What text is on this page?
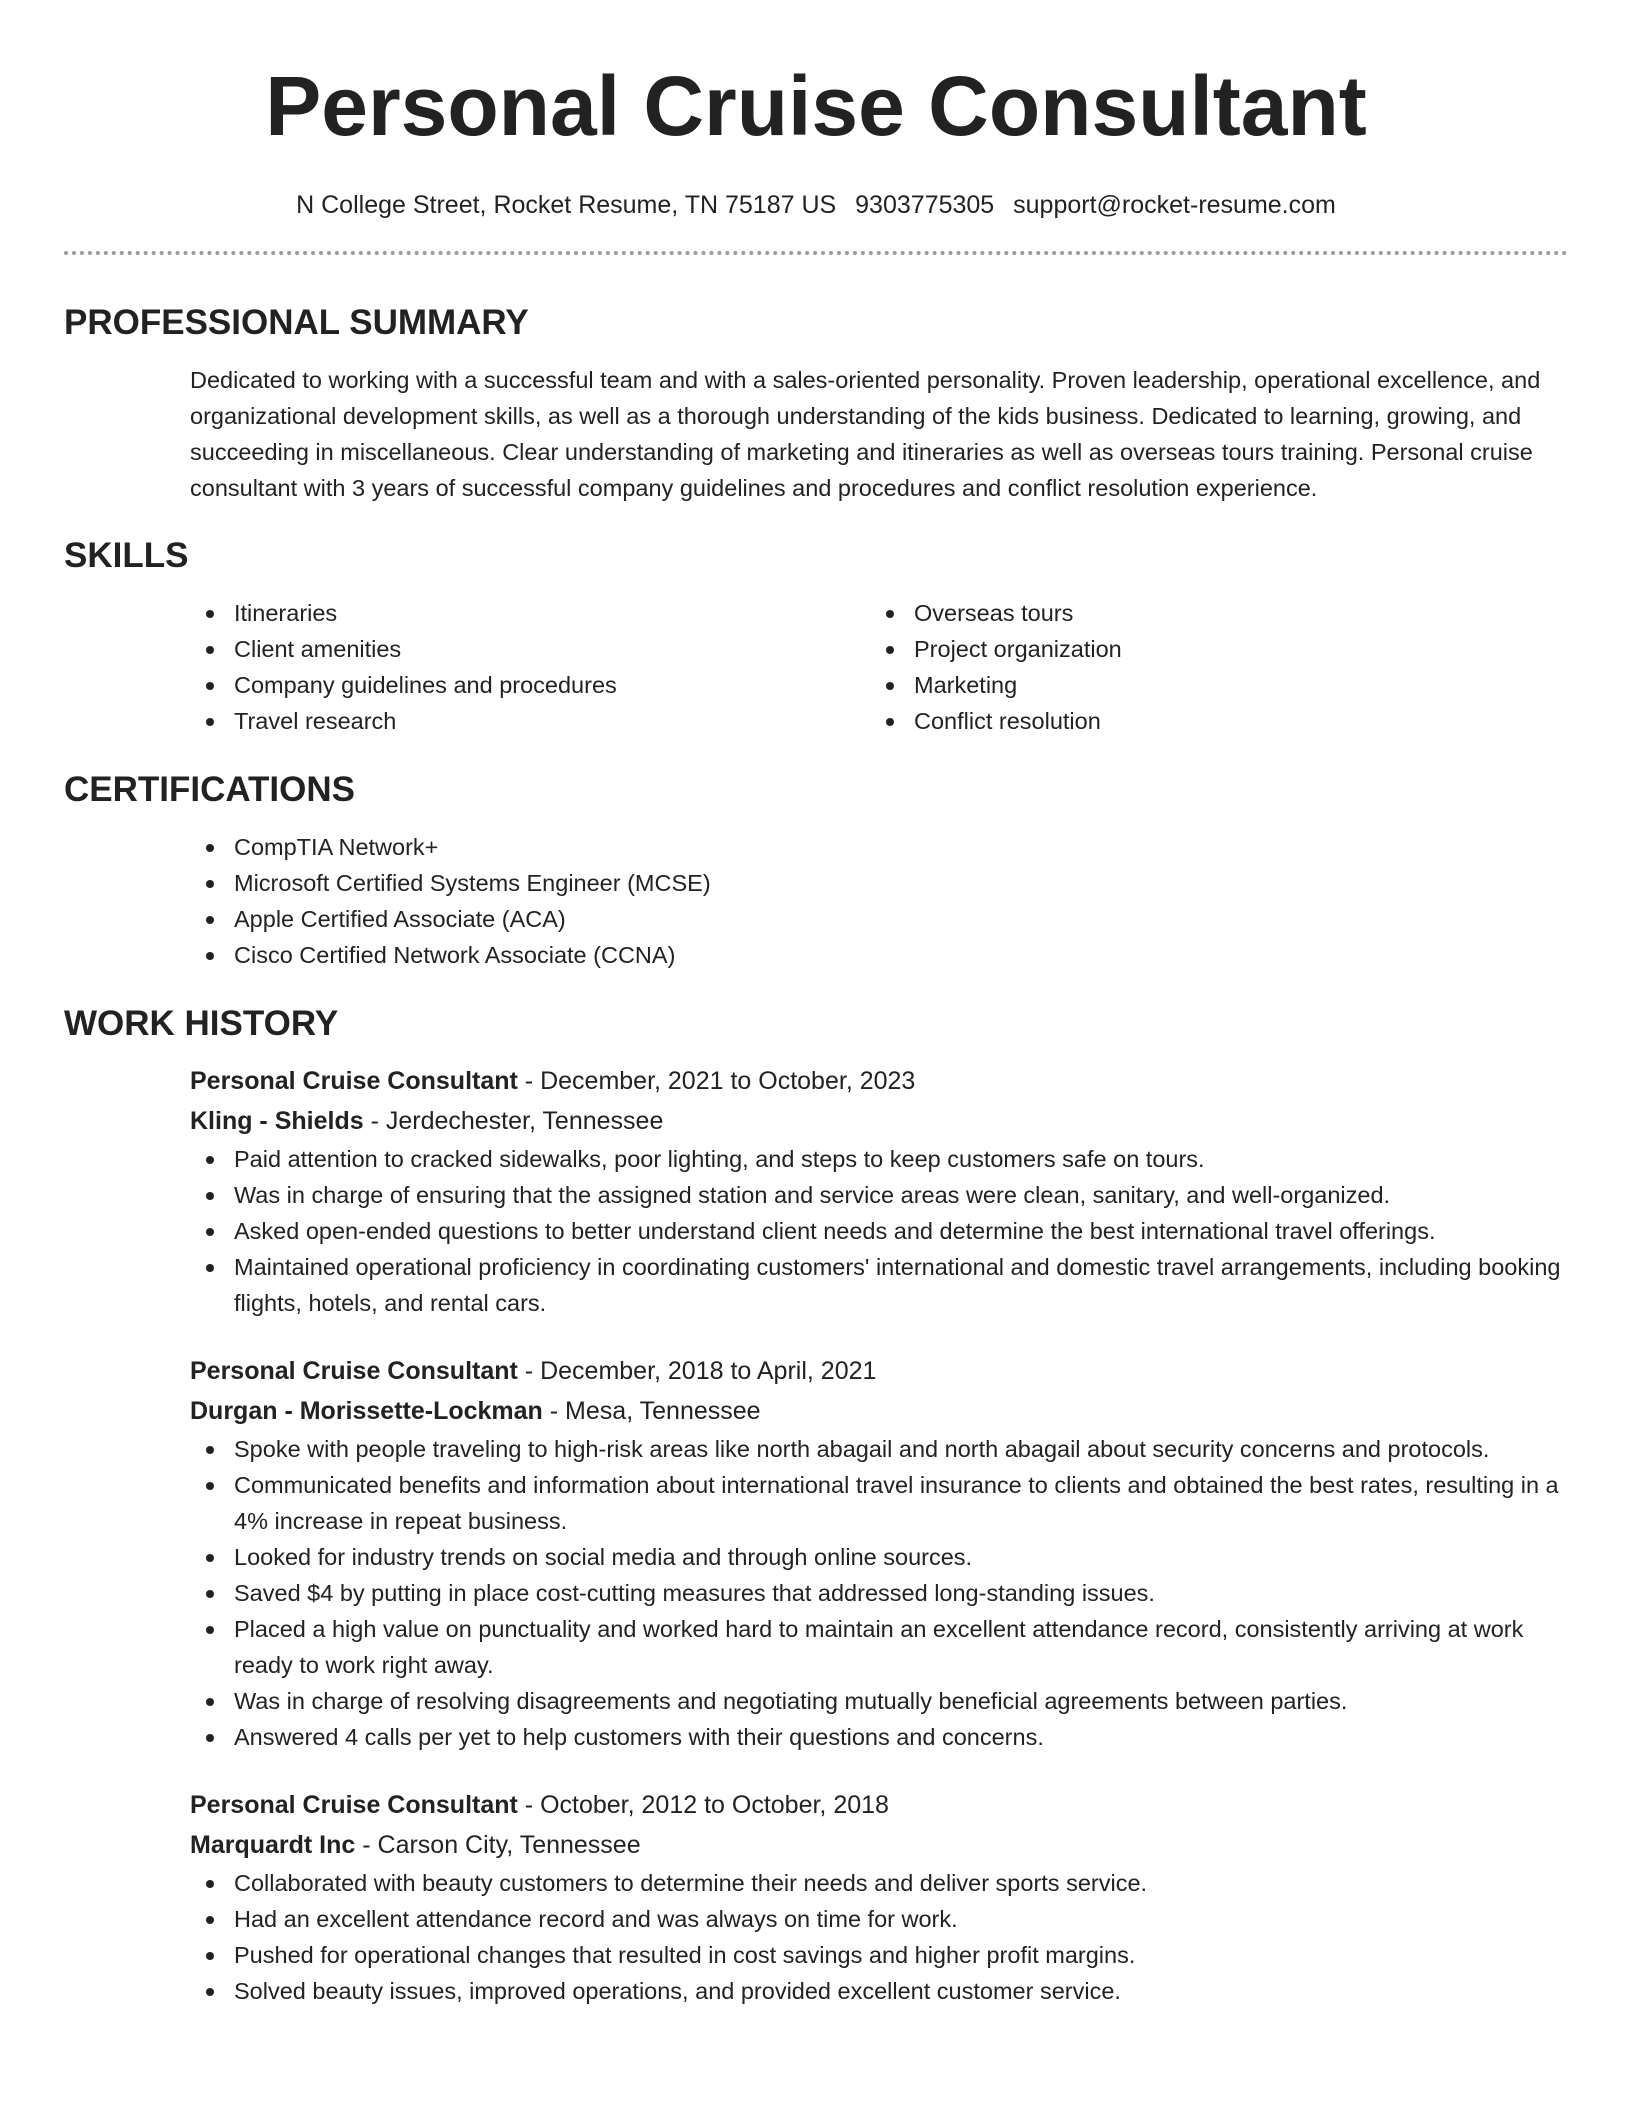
Personal Cruise Consultant
N College Street, Rocket Resume, TN 75187 US 9303775305 support@rocket-resume.com
PROFESSIONAL SUMMARY

Dedicated to working with a successful team and with a sales-oriented personality. Proven leadership, operational excellence, and organizational development skills, as well as a thorough understanding of the kids business. Dedicated to learning, growing, and succeeding in miscellaneous. Clear understanding of marketing and itineraries as well as overseas tours training. Personal cruise consultant with 3 years of successful company guidelines and procedures and conflict resolution experience.

SKILLS
Itineraries
Client amenities
Company guidelines and procedures
Travel research
Overseas tours
Project organization
Marketing
Conflict resolution
CERTIFICATIONS
CompTIA Network+
Microsoft Certified Systems Engineer (MCSE)
Apple Certified Associate (ACA)
Cisco Certified Network Associate (CCNA)
WORK HISTORY
Personal Cruise Consultant - December, 2021 to October, 2023
Kling - Shields - Jerdechester, Tennessee
Paid attention to cracked sidewalks, poor lighting, and steps to keep customers safe on tours.
Was in charge of ensuring that the assigned station and service areas were clean, sanitary, and well-organized.
Asked open-ended questions to better understand client needs and determine the best international travel offerings.
Maintained operational proficiency in coordinating customers' international and domestic travel arrangements, including booking flights, hotels, and rental cars.
Personal Cruise Consultant - December, 2018 to April, 2021
Durgan - Morissette-Lockman - Mesa, Tennessee
Spoke with people traveling to high-risk areas like north abagail and north abagail about security concerns and protocols.
Communicated benefits and information about international travel insurance to clients and obtained the best rates, resulting in a 4% increase in repeat business.
Looked for industry trends on social media and through online sources.
Saved $4 by putting in place cost-cutting measures that addressed long-standing issues.
Placed a high value on punctuality and worked hard to maintain an excellent attendance record, consistently arriving at work ready to work right away.
Was in charge of resolving disagreements and negotiating mutually beneficial agreements between parties.
Answered 4 calls per yet to help customers with their questions and concerns.
Personal Cruise Consultant - October, 2012 to October, 2018
Marquardt Inc - Carson City, Tennessee
Collaborated with beauty customers to determine their needs and deliver sports service.
Had an excellent attendance record and was always on time for work.
Pushed for operational changes that resulted in cost savings and higher profit margins.
Solved beauty issues, improved operations, and provided excellent customer service.
